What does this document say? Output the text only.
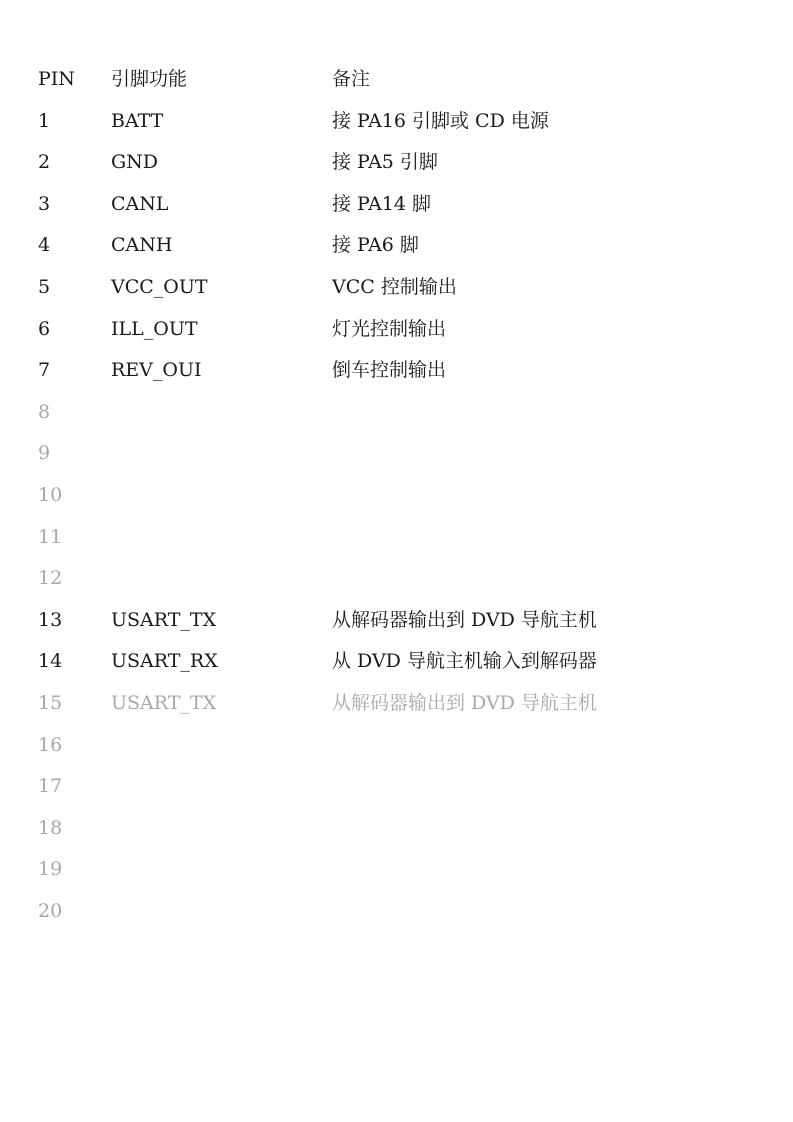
PIN 引脚功能	备注
1	BATT	接 PA16 引脚或 CD 电源
2	GND	接 PA5 引脚
3	CANL	接 PA14 脚
4	CANH	接 PA6 脚
5	VCC_OUT	VCC 控制输出
6	ILL_OUT	灯光控制输出
7	REV_OUI	倒车控制输出
8
9
10
11
12
13	USART_TX	从解码器输出到 DVD 导航主机
14	USART_RX	从 DVD 导航主机输入到解码器
15	USART_TX	从解码器输出到 DVD 导航主机
16
17
18
19
20
